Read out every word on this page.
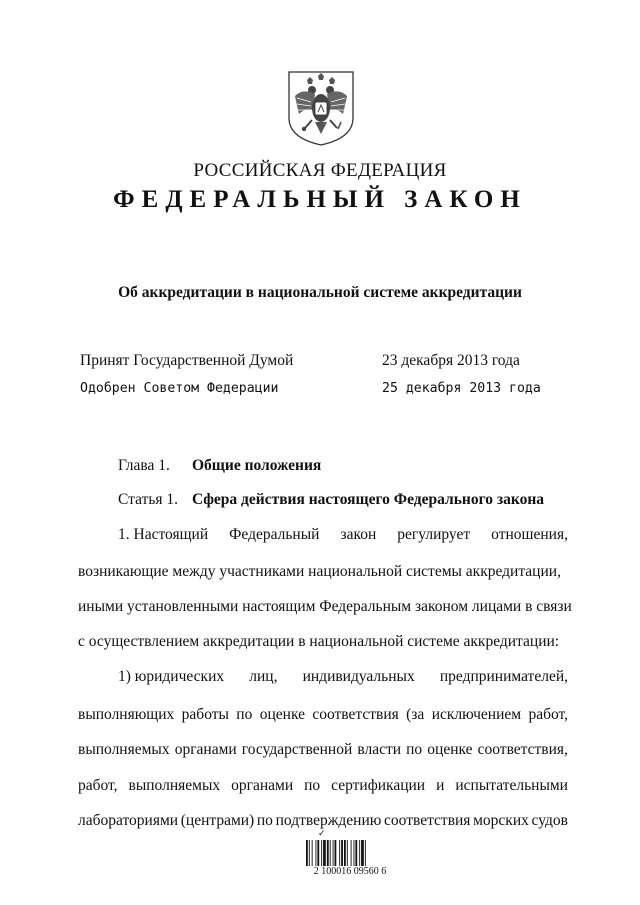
РОССИЙСКАЯ ФЕДЕРАЦИЯ
ФЕДЕРАЛЬНЫЙ ЗАКОН
Об аккредитации в национальной системе аккредитации
Принят Государственной Думой	23 декабря 2013 года
Одобрен Советом Федерации	25 декабря 2013 года
Глава 1. Общие положения
Статья 1. Сфера действия настоящего Федерального закона
1. Настоящий Федеральный закон регулирует отношения,
возникающие между участниками национальной системы аккредитации,
иными установленными настоящим Федеральным законом лицами в связи
с осуществлением аккредитации в национальной системе аккредитации:
1) юридических лиц, индивидуальных предпринимателей,
выполняющих работы по оценке соответствия (за исключением работ,
выполняемых органами государственной власти по оценке соответствия,
работ, выполняемых органами по сертификации и испытательными
лабораториями (центрами) по подтверждению соответствия морских судов
✓
2 100016 09560 6
